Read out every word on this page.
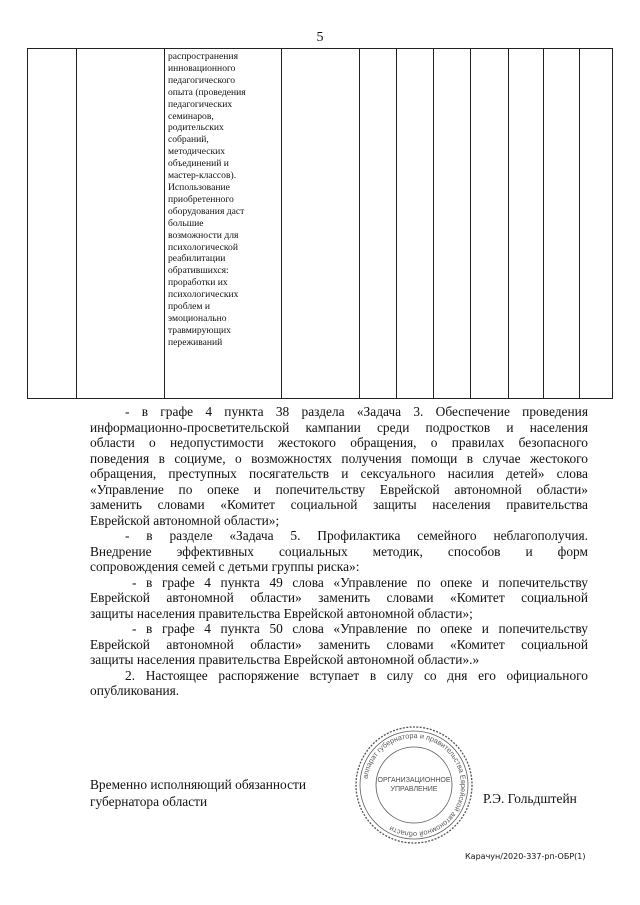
5

распространения
инновационного
педагогического
опыта (проведения
педагогических
семинаров,
родительских
собраний,
методических
объединений и
мастер-классов).
Использование
приобретенного
оборудования даст
большие
возможности для
психологической
реабилитации
обратившихся:
проработки их
психологических
проблем и
эмоционально
травмирующих
переживаний

- в графе 4 пункта 38 раздела «Задача 3. Обеспечение проведения
информационно-просветительской кампании среди подростков и населения
области о недопустимости жестокого обращения, о правилах безопасного
поведения в социуме, о возможностях получения помощи в случае жестокого
обращения, преступных посягательств и сексуального насилия детей» слова
«Управление по опеке и попечительству Еврейской автономной области»
заменить словами «Комитет социальной защиты населения правительства
Еврейской автономной области»;
- в разделе «Задача 5. Профилактика семейного неблагополучия.
Внедрение эффективных социальных методик, способов и форм
сопровождения семей с детьми группы риска»:
- в графе 4 пункта 49 слова «Управление по опеке и попечительству
Еврейской автономной области» заменить словами «Комитет социальной
защиты населения правительства Еврейской автономной области»;
- в графе 4 пункта 50 слова «Управление по опеке и попечительству
Еврейской автономной области» заменить словами «Комитет социальной
защиты населения правительства Еврейской автономной области».»
2. Настоящее распоряжение вступает в силу со дня его официального
опубликования.
аппарат губернатора и правительства Еврейской автономной области
ОРГАНИЗАЦИОННОЕ
УПРАВЛЕНИЕ
Временно исполняющий обязанности
губернатора области	Р.Э. Гольдштейн
Карачун/2020-337-рп-ОБР(1)
